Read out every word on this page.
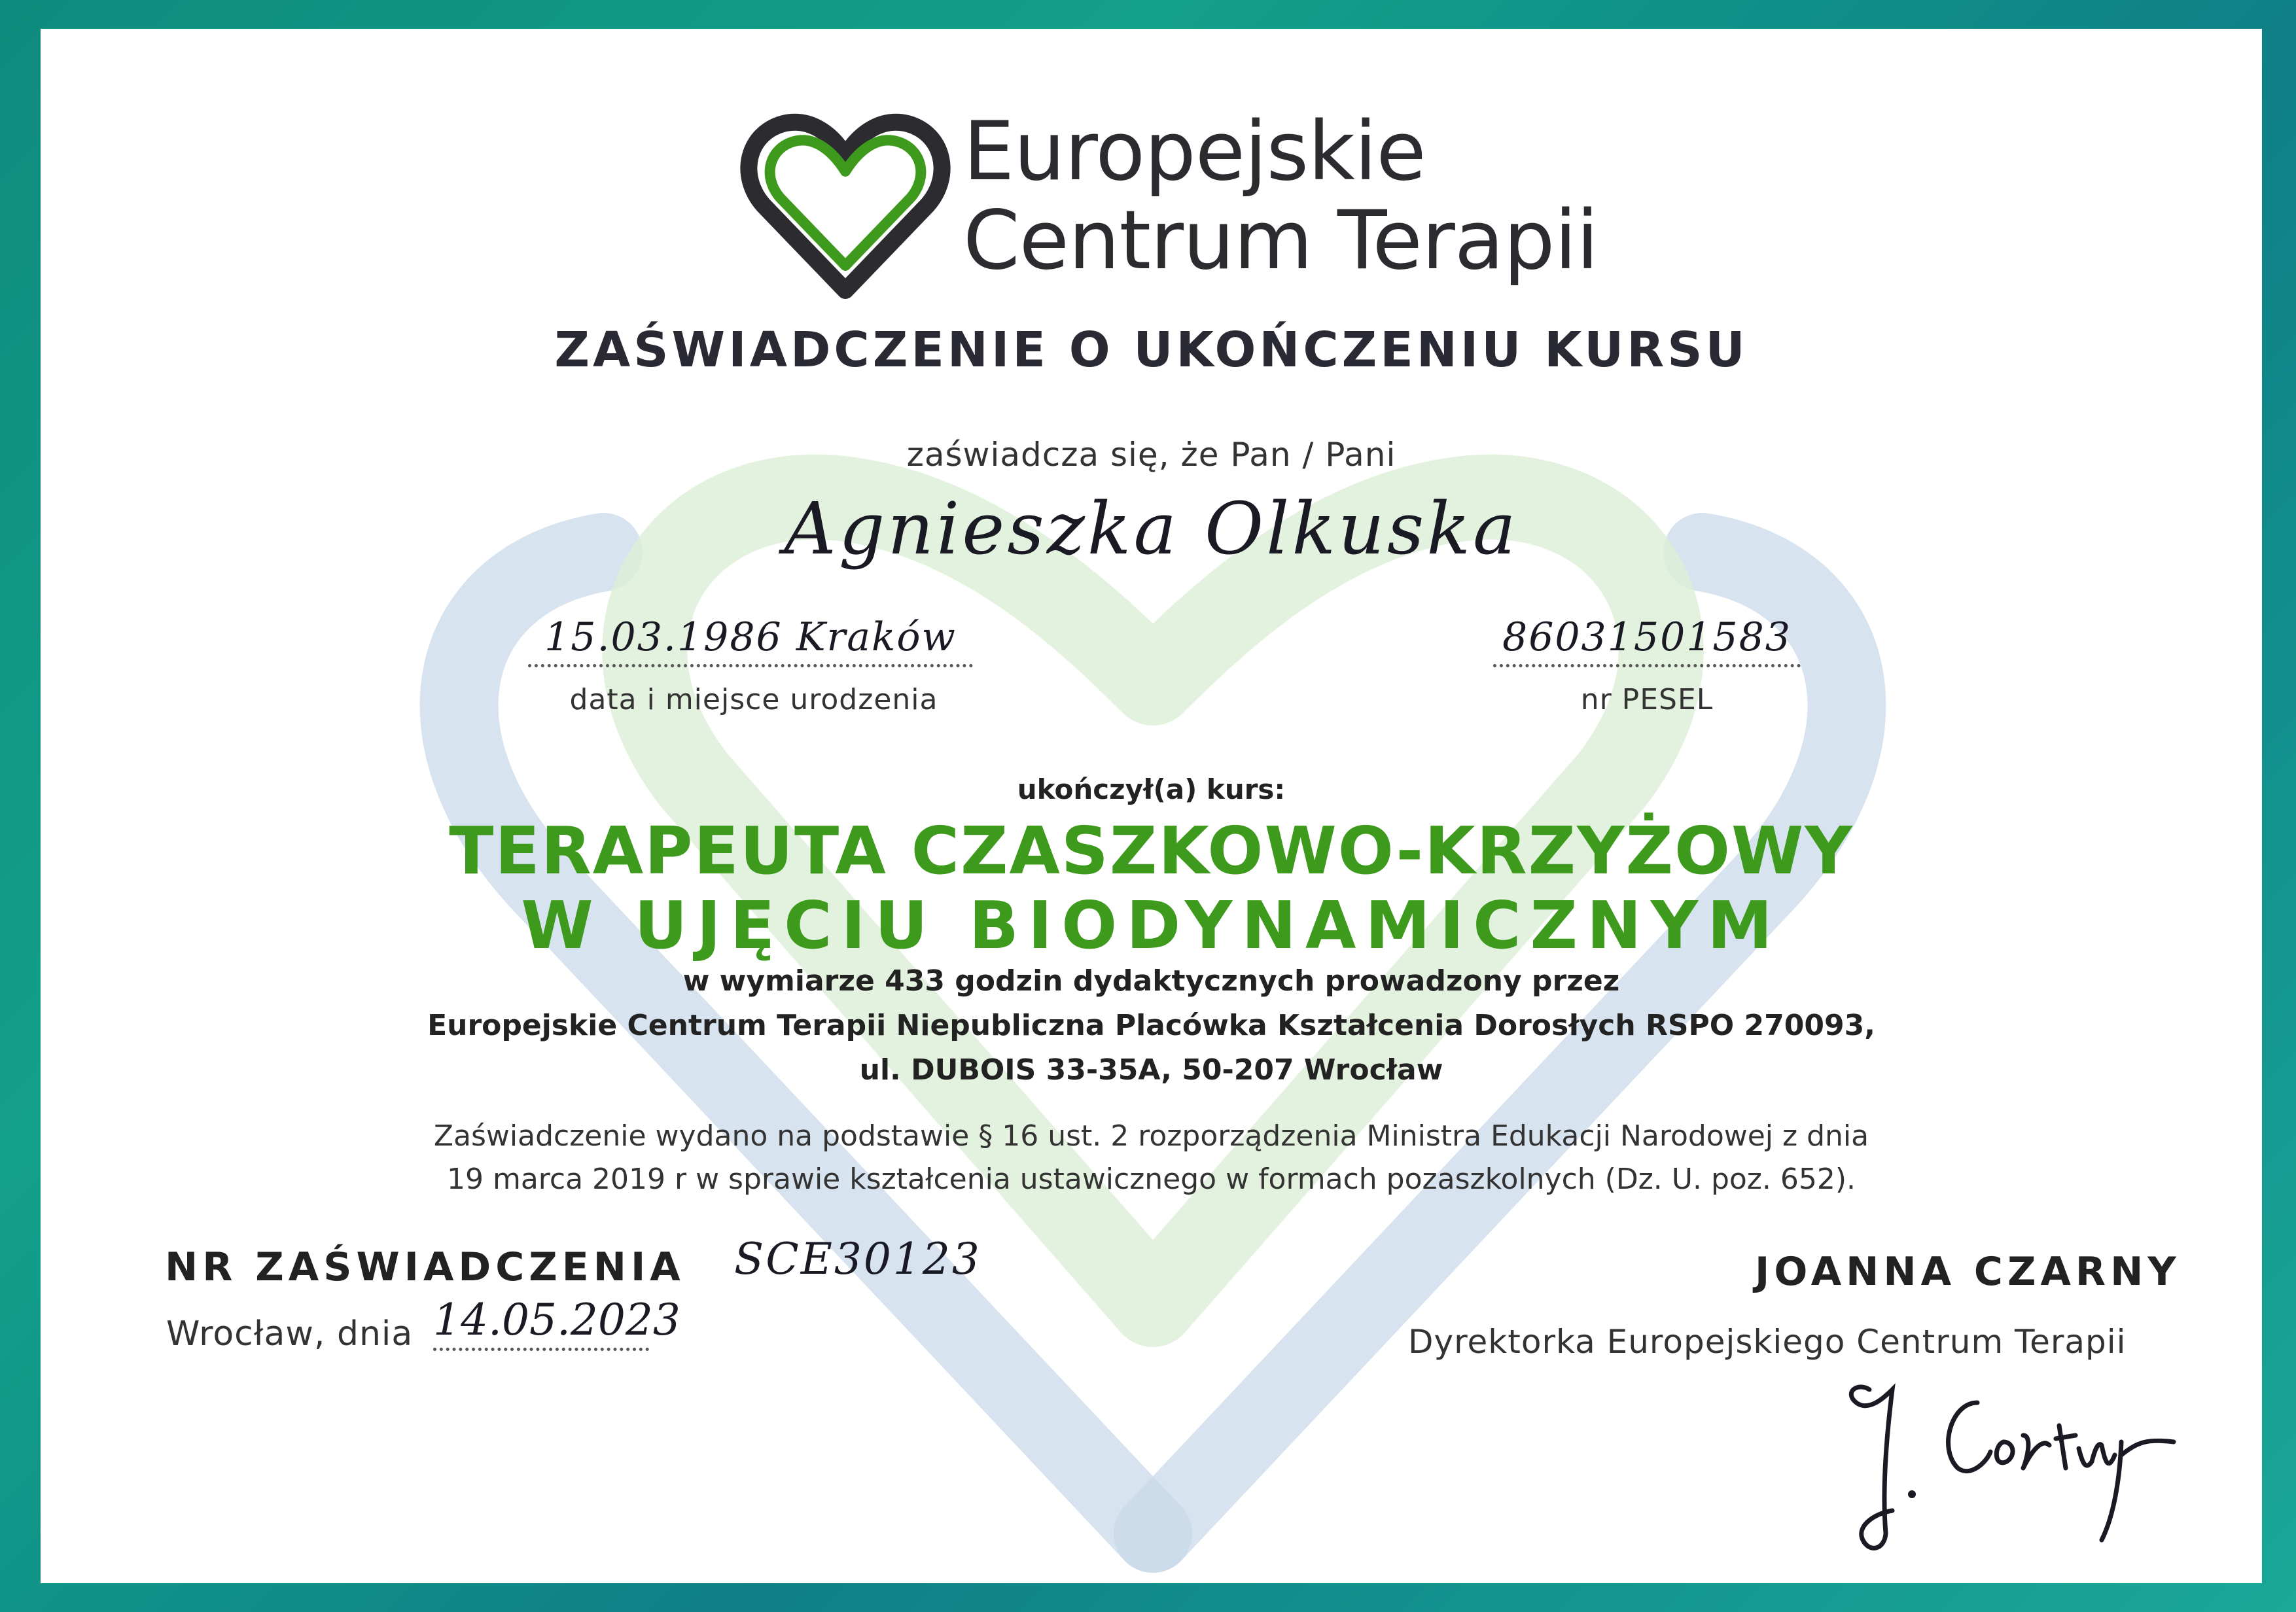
Europejskie
Centrum Terapii
ZAŚWIADCZENIE O UKOŃCZENIU KURSU
zaświadcza się, że Pan / Pani
Agnieszka Olkuska
15.03.1986 Kraków
data i miejsce urodzenia
86031501583
nr PESEL
ukończył(a) kurs:
TERAPEUTA CZASZKOWO-KRZYŻOWY
W UJĘCIU BIODYNAMICZNYM
w wymiarze 433 godzin dydaktycznych prowadzony przez
Europejskie Centrum Terapii Niepubliczna Placówka Kształcenia Dorosłych RSPO 270093,
ul. DUBOIS 33-35A, 50-207 Wrocław
Zaświadczenie wydano na podstawie § 16 ust. 2 rozporządzenia Ministra Edukacji Narodowej z dnia
19 marca 2019 r w sprawie kształcenia ustawicznego w formach pozaszkolnych (Dz. U. poz. 652).
NR ZAŚWIADCZENIA SCE30123
Wrocław, dnia 14.05.2023
JOANNA CZARNY
Dyrektorka Europejskiego Centrum Terapii
